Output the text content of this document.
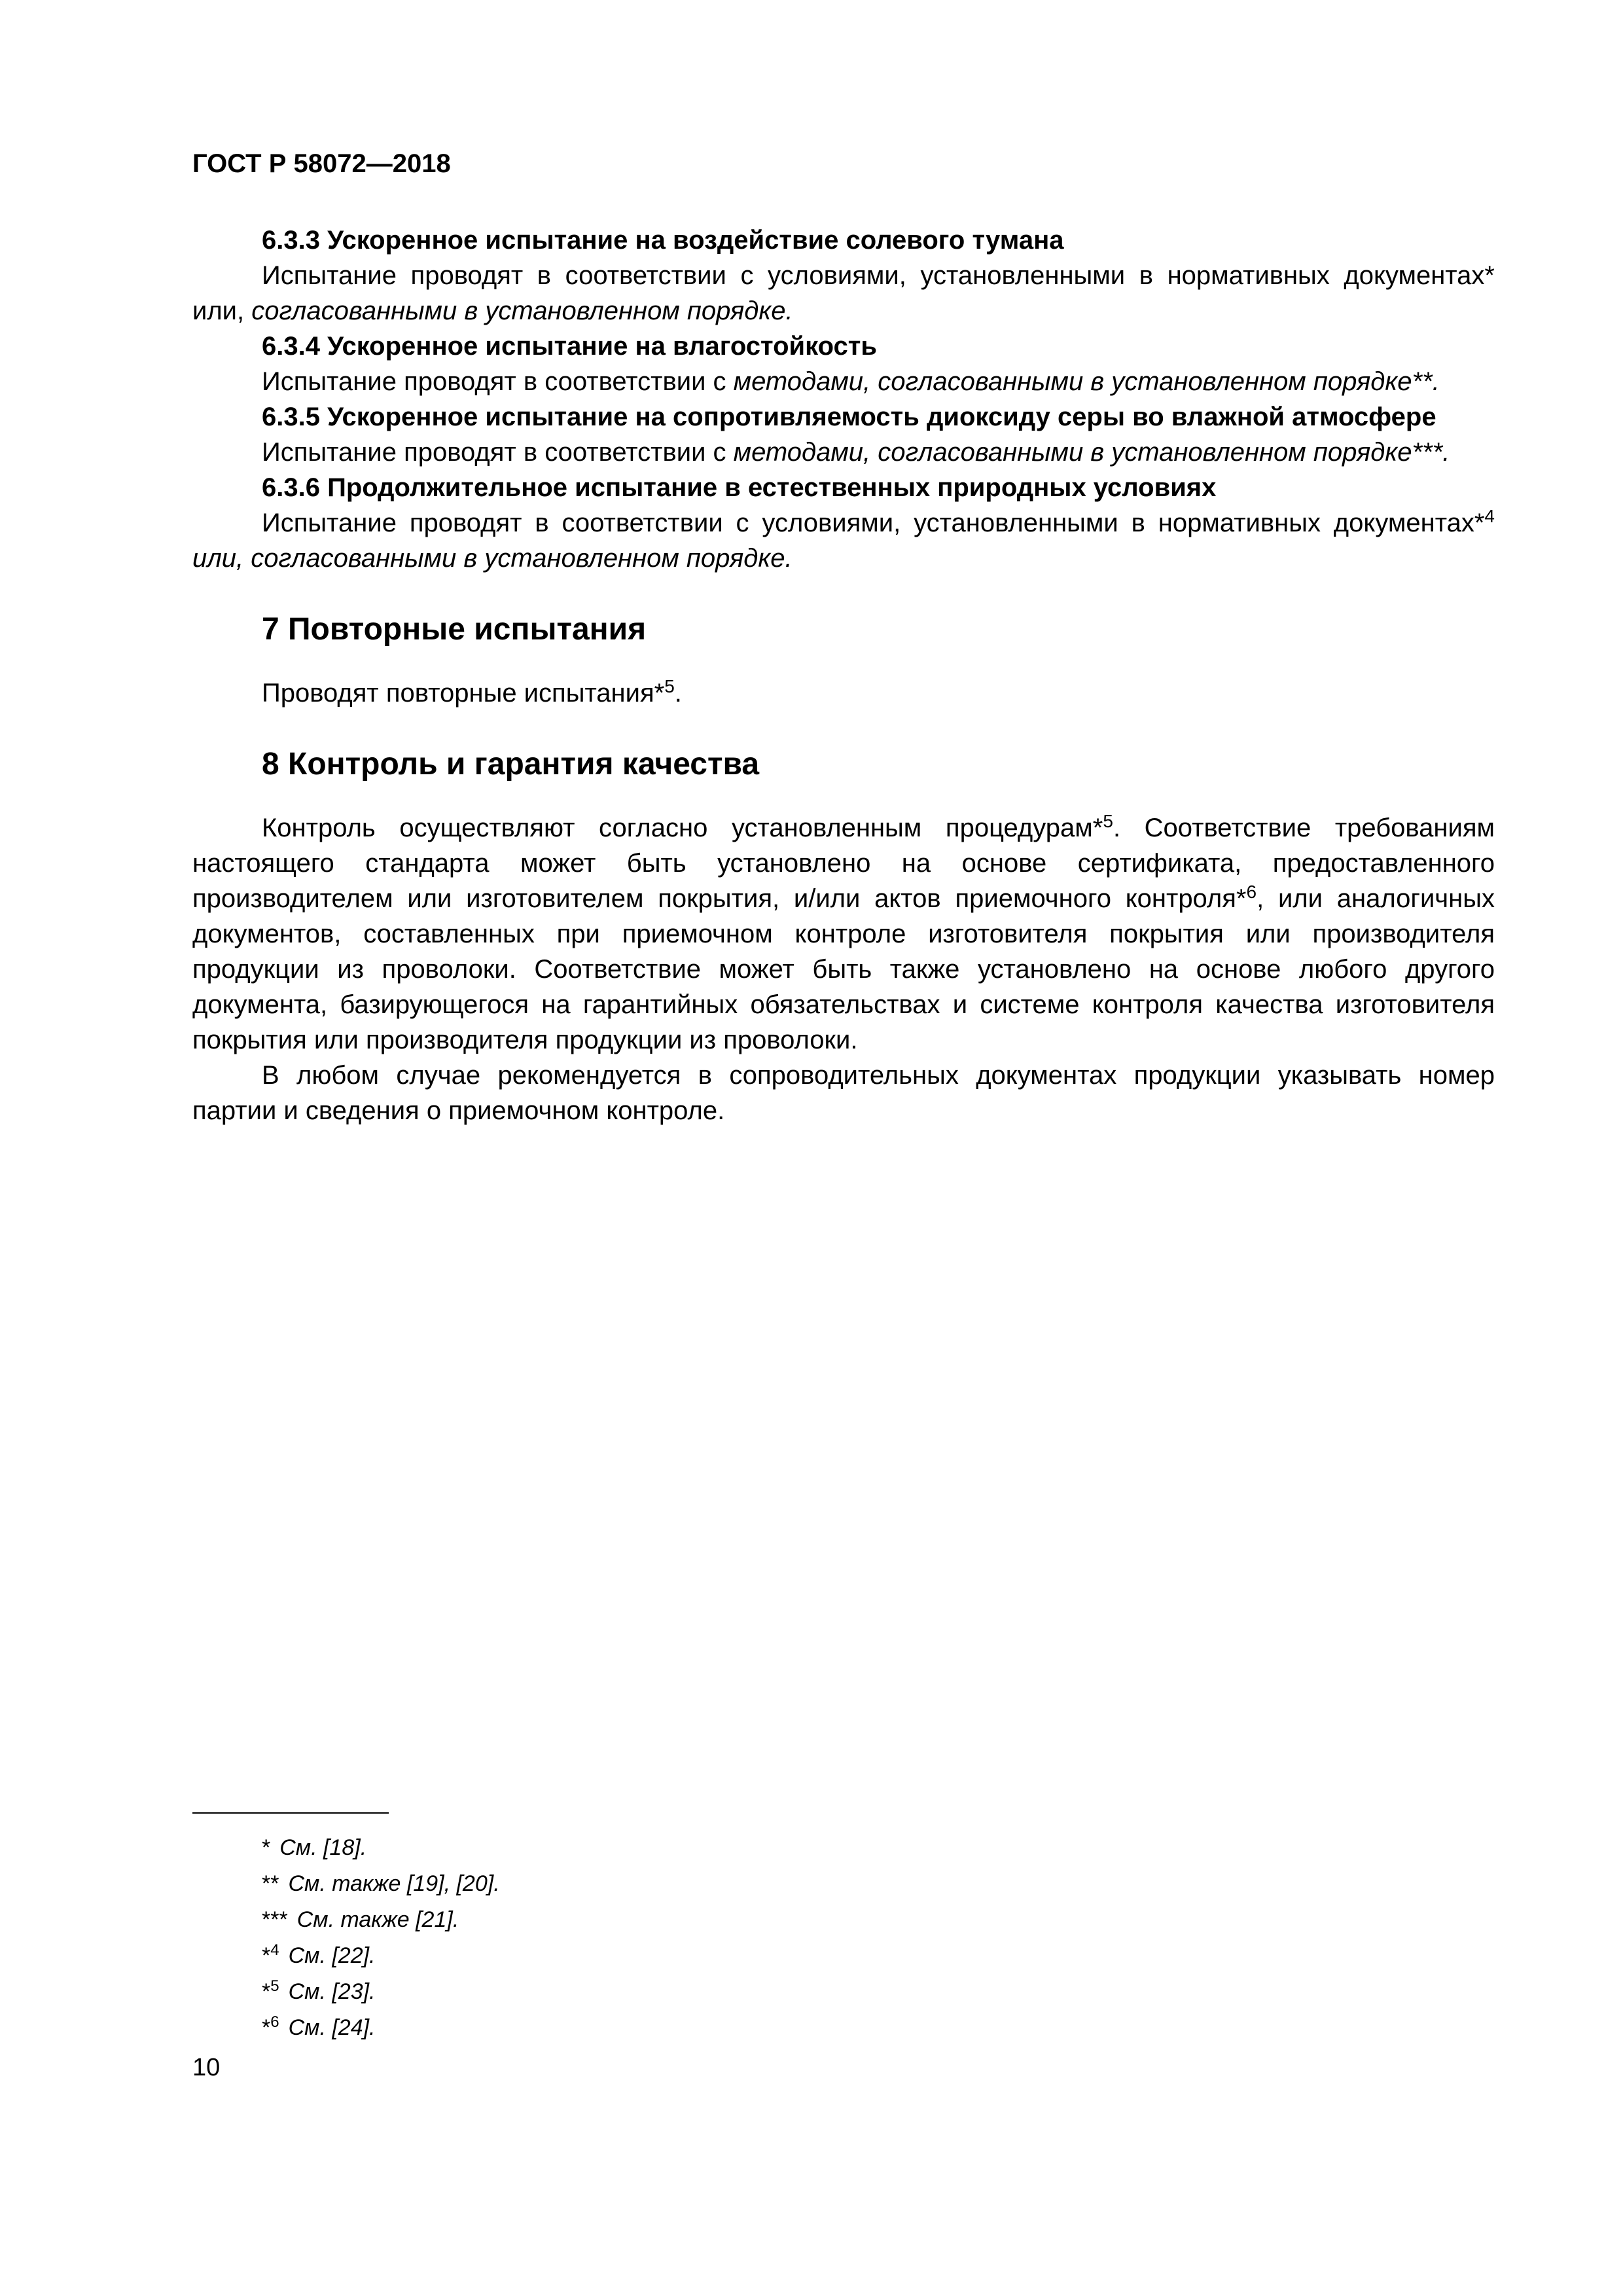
ГОСТ Р 58072—2018

6.3.3 Ускоренное испытание на воздействие солевого тумана

Испытание проводят в соответствии с условиями, установленными в нормативных документах*

или, согласованными в установленном порядке.

6.3.4 Ускоренное испытание на влагостойкость

Испытание проводят в соответствии с методами, согласованными в установленном порядке**.

6.3.5 Ускоренное испытание на сопротивляемость диоксиду серы во влажной атмосфере

Испытание проводят в соответствии с методами, согласованными в установленном порядке***.

6.3.6 Продолжительное испытание в естественных природных условиях

Испытание проводят в соответствии с условиями, установленными в нормативных документах*$^4$

или, согласованными в установленном порядке.

7 Повторные испытания

Проводят повторные испытания*$^5$.

8 Контроль и гарантия качества

Контроль осуществляют согласно установленным процедурам*$^5$. Соответствие требованиям настоящего стандарта может быть установлено на основе сертификата, предоставленного производителем или изготовителем покрытия, и/или актов приемочного контроля*$^6$, или аналогичных документов, составленных при приемочном контроле изготовителя покрытия или производителя продукции из проволоки. Соответствие может быть также установлено на основе любого другого документа, базирующегося на гарантийных обязательствах и системе контроля качества изготовителя покрытия или производителя продукции из проволоки.

В любом случае рекомендуется в сопроводительных документах продукции указывать номер партии и сведения о приемочном контроле.

* См. [18].

** См. также [19], [20].

*** См. также [21].

*$^4$ См. [22].

*$^5$ См. [23].

*$^6$ См. [24].

10
